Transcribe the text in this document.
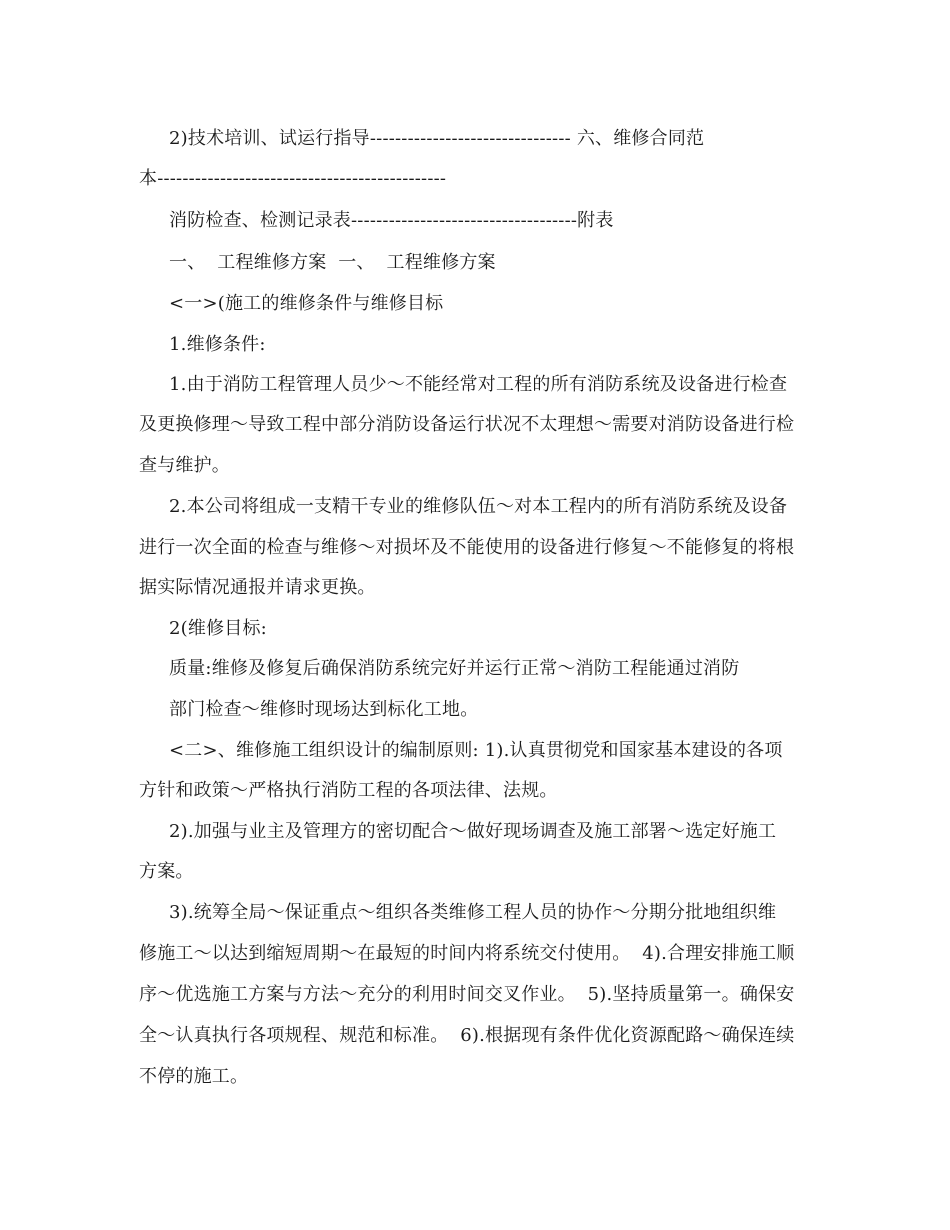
2)技术培训、试运行指导-------------------------------- 六、维修合同范
本----------------------------------------------
消防检查、检测记录表------------------------------------附表
一、  工程维修方案  一、  工程维修方案
<一>(施工的维修条件与维修目标
1.维修条件:
1.由于消防工程管理人员少～不能经常对工程的所有消防系统及设备进行检查
及更换修理～导致工程中部分消防设备运行状况不太理想～需要对消防设备进行检
查与维护。
2.本公司将组成一支精干专业的维修队伍～对本工程内的所有消防系统及设备
进行一次全面的检查与维修～对损坏及不能使用的设备进行修复～不能修复的将根
据实际情况通报并请求更换。
2(维修目标:
质量:维修及修复后确保消防系统完好并运行正常～消防工程能通过消防
部门检查～维修时现场达到标化工地。
<二>、维修施工组织设计的编制原则: 1).认真贯彻党和国家基本建设的各项
方针和政策～严格执行消防工程的各项法律、法规。
2).加强与业主及管理方的密切配合～做好现场调查及施工部署～选定好施工
方案。
3).统筹全局～保证重点～组织各类维修工程人员的协作～分期分批地组织维
修施工～以达到缩短周期～在最短的时间内将系统交付使用。  4).合理安排施工顺
序～优选施工方案与方法～充分的利用时间交叉作业。  5).坚持质量第一。确保安
全～认真执行各项规程、规范和标准。  6).根据现有条件优化资源配路～确保连续
不停的施工。
